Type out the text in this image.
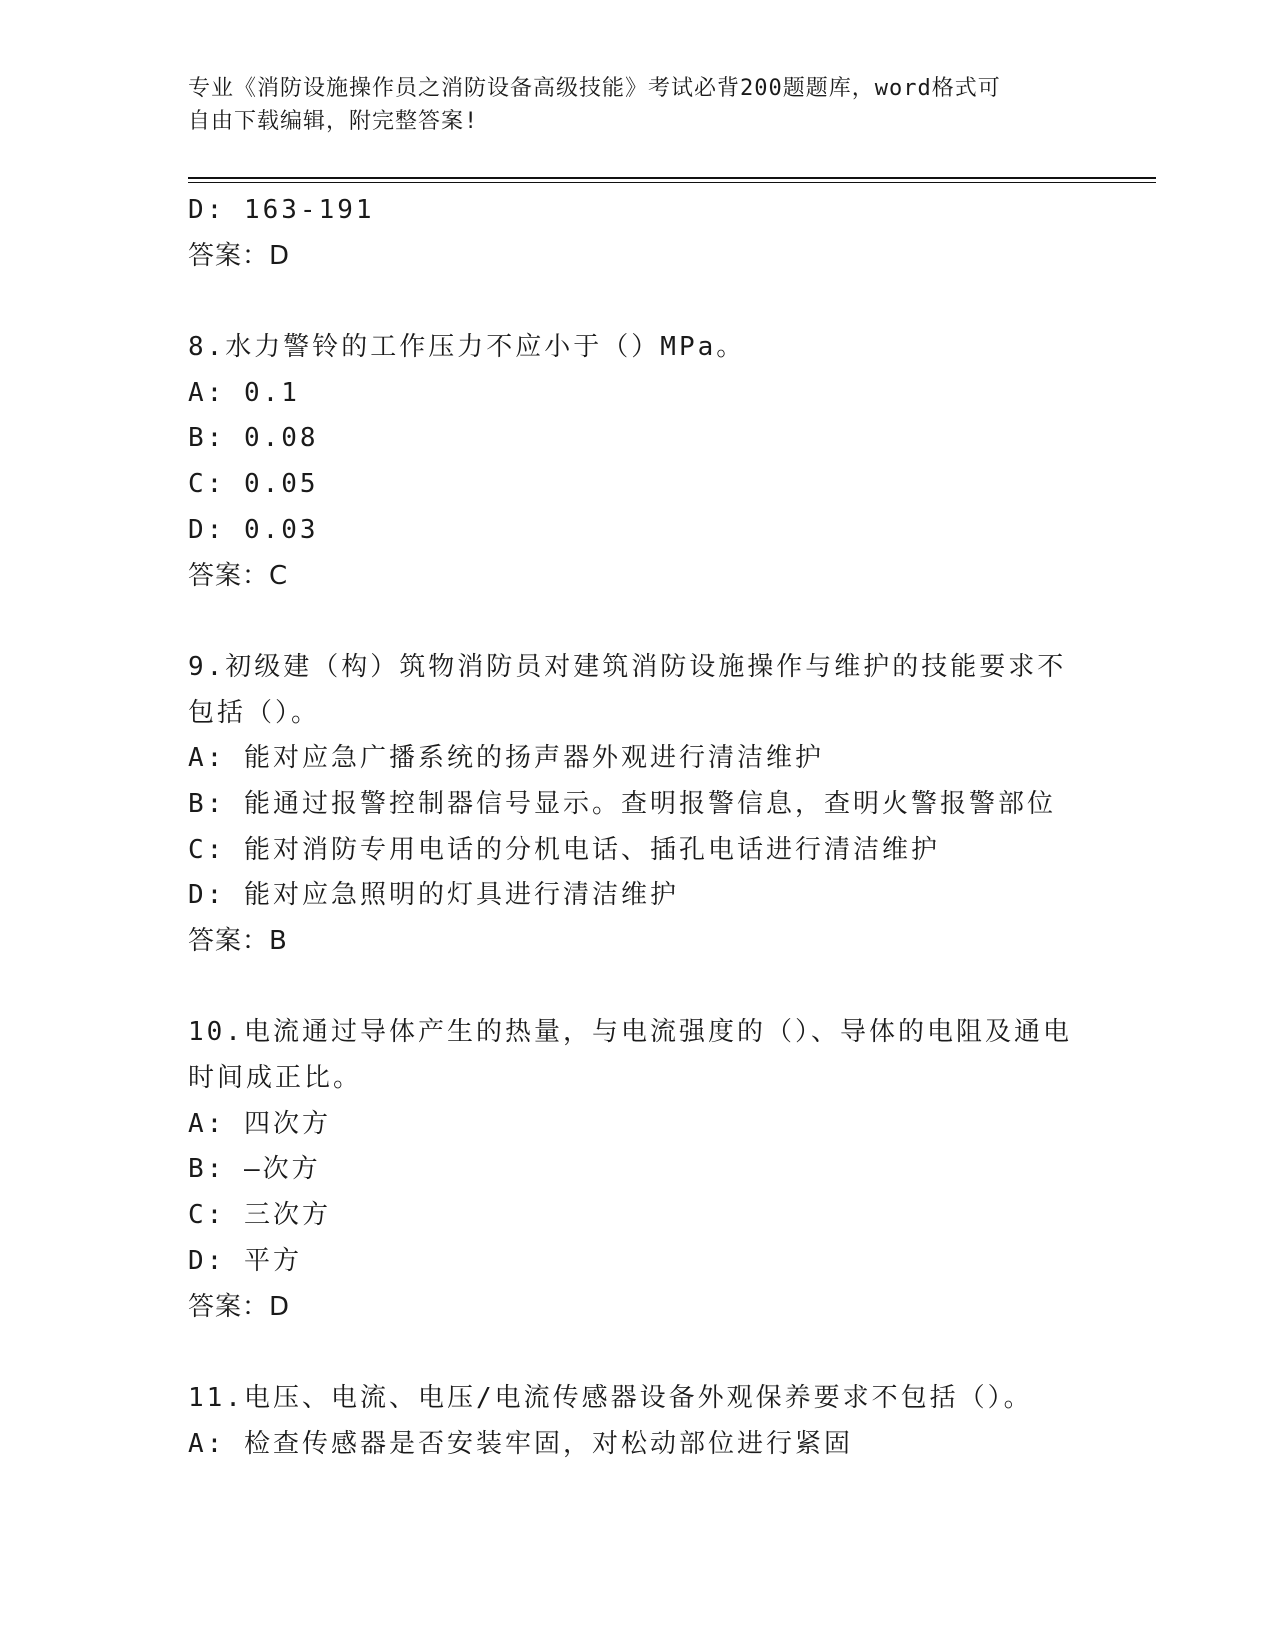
专业《消防设施操作员之消防设备高级技能》考试必背200题题库，word格式可
自由下载编辑，附完整答案!
D: 163-191
答案：D
8.水力警铃的工作压力不应小于（）MPa。
A: 0.1
B: 0.08
C: 0.05
D: 0.03
答案：C
9.初级建（构）筑物消防员对建筑消防设施操作与维护的技能要求不
包括（）。
A: 能对应急广播系统的扬声器外观进行清洁维护
B: 能通过报警控制器信号显示。查明报警信息，查明火警报警部位
C: 能对消防专用电话的分机电话、插孔电话进行清洁维护
D: 能对应急照明的灯具进行清洁维护
答案：B
10.电流通过导体产生的热量，与电流强度的（）、导体的电阻及通电
时间成正比。
A: 四次方
B: —次方
C: 三次方
D: 平方
答案：D
11.电压、电流、电压/电流传感器设备外观保养要求不包括（）。
A: 检查传感器是否安装牢固，对松动部位进行紧固
